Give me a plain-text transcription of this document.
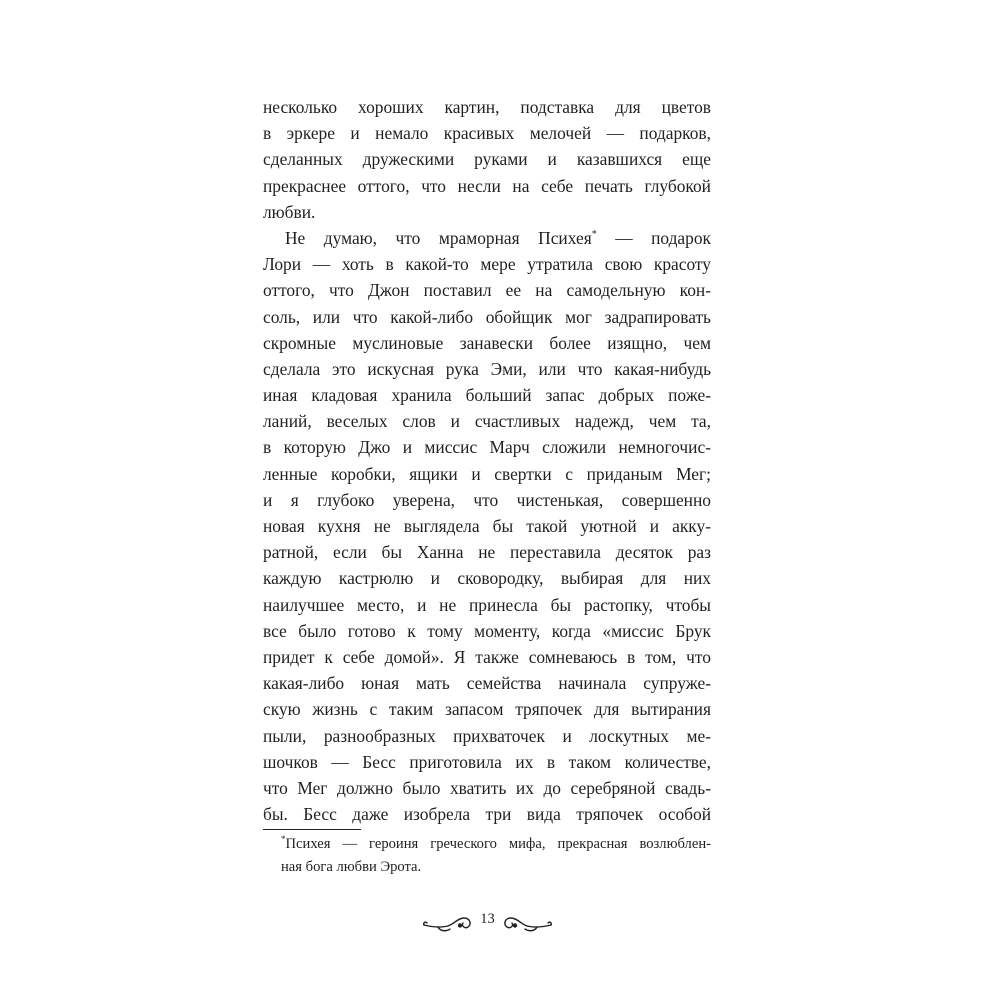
несколько хороших картин, подставка для цветов
в эркере и немало красивых мелочей — подарков,
сделанных дружескими руками и казавшихся еще
прекраснее оттого, что несли на себе печать глубокой
любви.
Не думаю, что мраморная Психея* — подарок
Лори — хоть в какой-то мере утратила свою красоту
оттого, что Джон поставил ее на самодельную кон-
соль, или что какой-либо обойщик мог задрапировать
скромные муслиновые занавески более изящно, чем
сделала это искусная рука Эми, или что какая-нибудь
иная кладовая хранила больший запас добрых поже-
ланий, веселых слов и счастливых надежд, чем та,
в которую Джо и миссис Марч сложили немногочис-
ленные коробки, ящики и свертки с приданым Мег;
и я глубоко уверена, что чистенькая, совершенно
новая кухня не выглядела бы такой уютной и акку-
ратной, если бы Ханна не переставила десяток раз
каждую кастрюлю и сковородку, выбирая для них
наилучшее место, и не принесла бы растопку, чтобы
все было готово к тому моменту, когда «миссис Брук
придет к себе домой». Я также сомневаюсь в том, что
какая-либо юная мать семейства начинала супруже-
скую жизнь с таким запасом тряпочек для вытирания
пыли, разнообразных прихваточек и лоскутных ме-
шочков — Бесс приготовила их в таком количестве,
что Мег должно было хватить их до серебряной свадь-
бы. Бесс даже изобрела три вида тряпочек особой
*Психея — героиня греческого мифа, прекрасная возлюблен-
ная бога любви Эрота.
13
